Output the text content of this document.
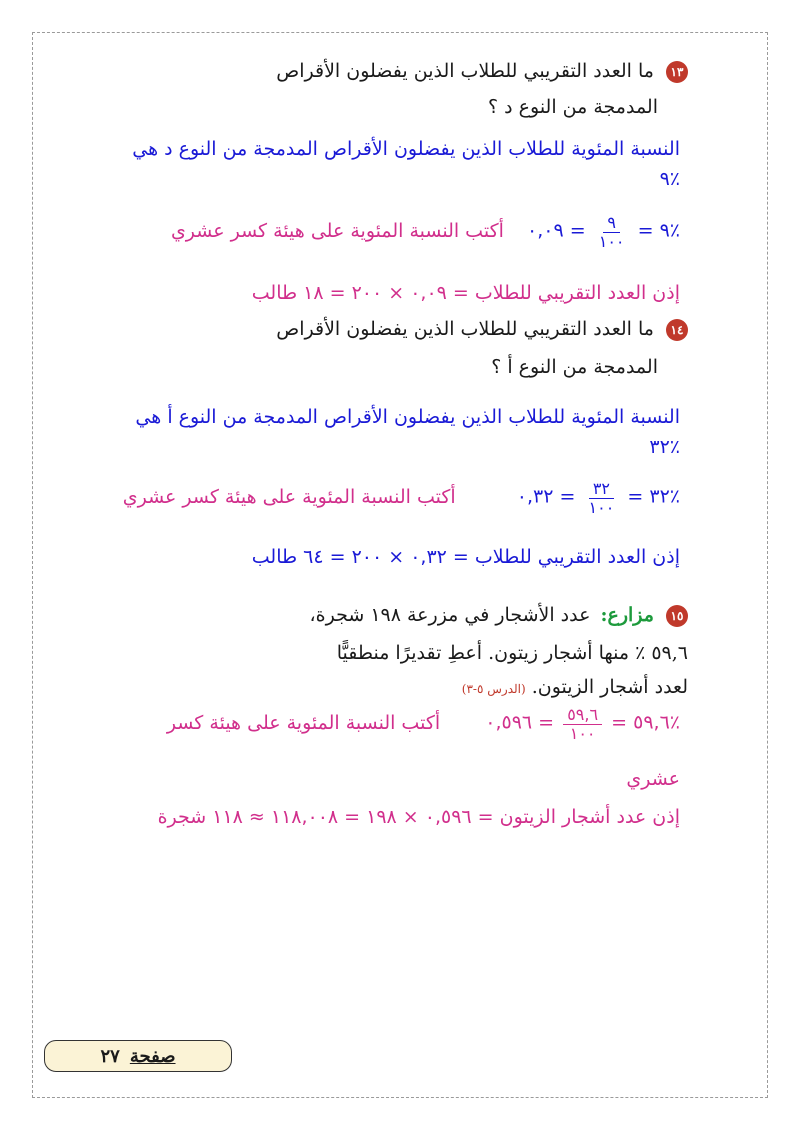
١٣ ما العدد التقريبي للطلاب الذين يفضلون الأقراص
المدمجة من النوع د ؟
النسبة المئوية للطلاب الذين يفضلون الأقراص المدمجة من النوع د هي
٪٩
٪٩ =
$\frac{٩}{١٠٠}$
= ٠,٠٩ أكتب النسبة المئوية على هيئة كسر عشري
إذن العدد التقريبي للطلاب = ٠,٠٩ × ٢٠٠ = ١٨ طالب
١٤ ما العدد التقريبي للطلاب الذين يفضلون الأقراص
المدمجة من النوع أ ؟
النسبة المئوية للطلاب الذين يفضلون الأقراص المدمجة من النوع أ هي
٪٣٢
٪٣٢ =
$\frac{٣٢}{١٠٠}$
= ٠,٣٢ أكتب النسبة المئوية على هيئة كسر عشري
إذن العدد التقريبي للطلاب = ٠,٣٢ × ٢٠٠ = ٦٤ طالب
١٥ مزارع: عدد الأشجار في مزرعة ١٩٨ شجرة،
٥٩,٦ ٪ منها أشجار زيتون. أعطِ تقديرًا منطقيًّا
لعدد أشجار الزيتون. (الدرس ٥-٣)
٪٥٩,٦ =
$\frac{٥٩,٦}{١٠٠}$
= ٠,٥٩٦ أكتب النسبة المئوية على هيئة كسر
عشري
إذن عدد أشجار الزيتون = ٠,٥٩٦ × ١٩٨ = ١١٨,٠٠٨ ≈ ١١٨ شجرة
صفحة
٢٧
